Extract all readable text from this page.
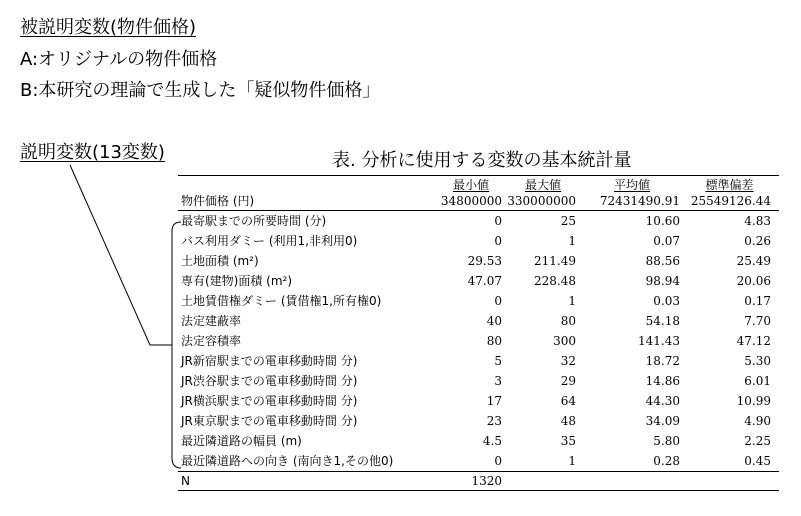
被説明変数(物件価格)
A:オリジナルの物件価格
B:本研究の理論で生成した「疑似物件価格」
説明変数(13変数)	表. 分析に使用する変数の基本統計量
	最小値	最大値	平均値	標準偏差
物件価格 (円)	34800000	330000000	72431490.91	25549126.44
最寄駅までの所要時間 (分)	0	25	10.60	4.83
バス利用ダミー (利用1,非利用0)	0	1	0.07	0.26
土地面積 (m²)	29.53	211.49	88.56	25.49
専有(建物)面積 (m²)	47.07	228.48	98.94	20.06
土地賃借権ダミー (賃借権1,所有権0)	0	1	0.03	0.17
法定建蔽率	40	80	54.18	7.70
法定容積率	80	300	141.43	47.12
JR新宿駅までの電車移動時間 分)	5	32	18.72	5.30
JR渋谷駅までの電車移動時間 分)	3	29	14.86	6.01
JR横浜駅までの電車移動時間 分)	17	64	44.30	10.99
JR東京駅までの電車移動時間 分)	23	48	34.09	4.90
最近隣道路の幅員 (m)	4.5	35	5.80	2.25
最近隣道路への向き (南向き1,その他0)	0	1	0.28	0.45
N	1320			
